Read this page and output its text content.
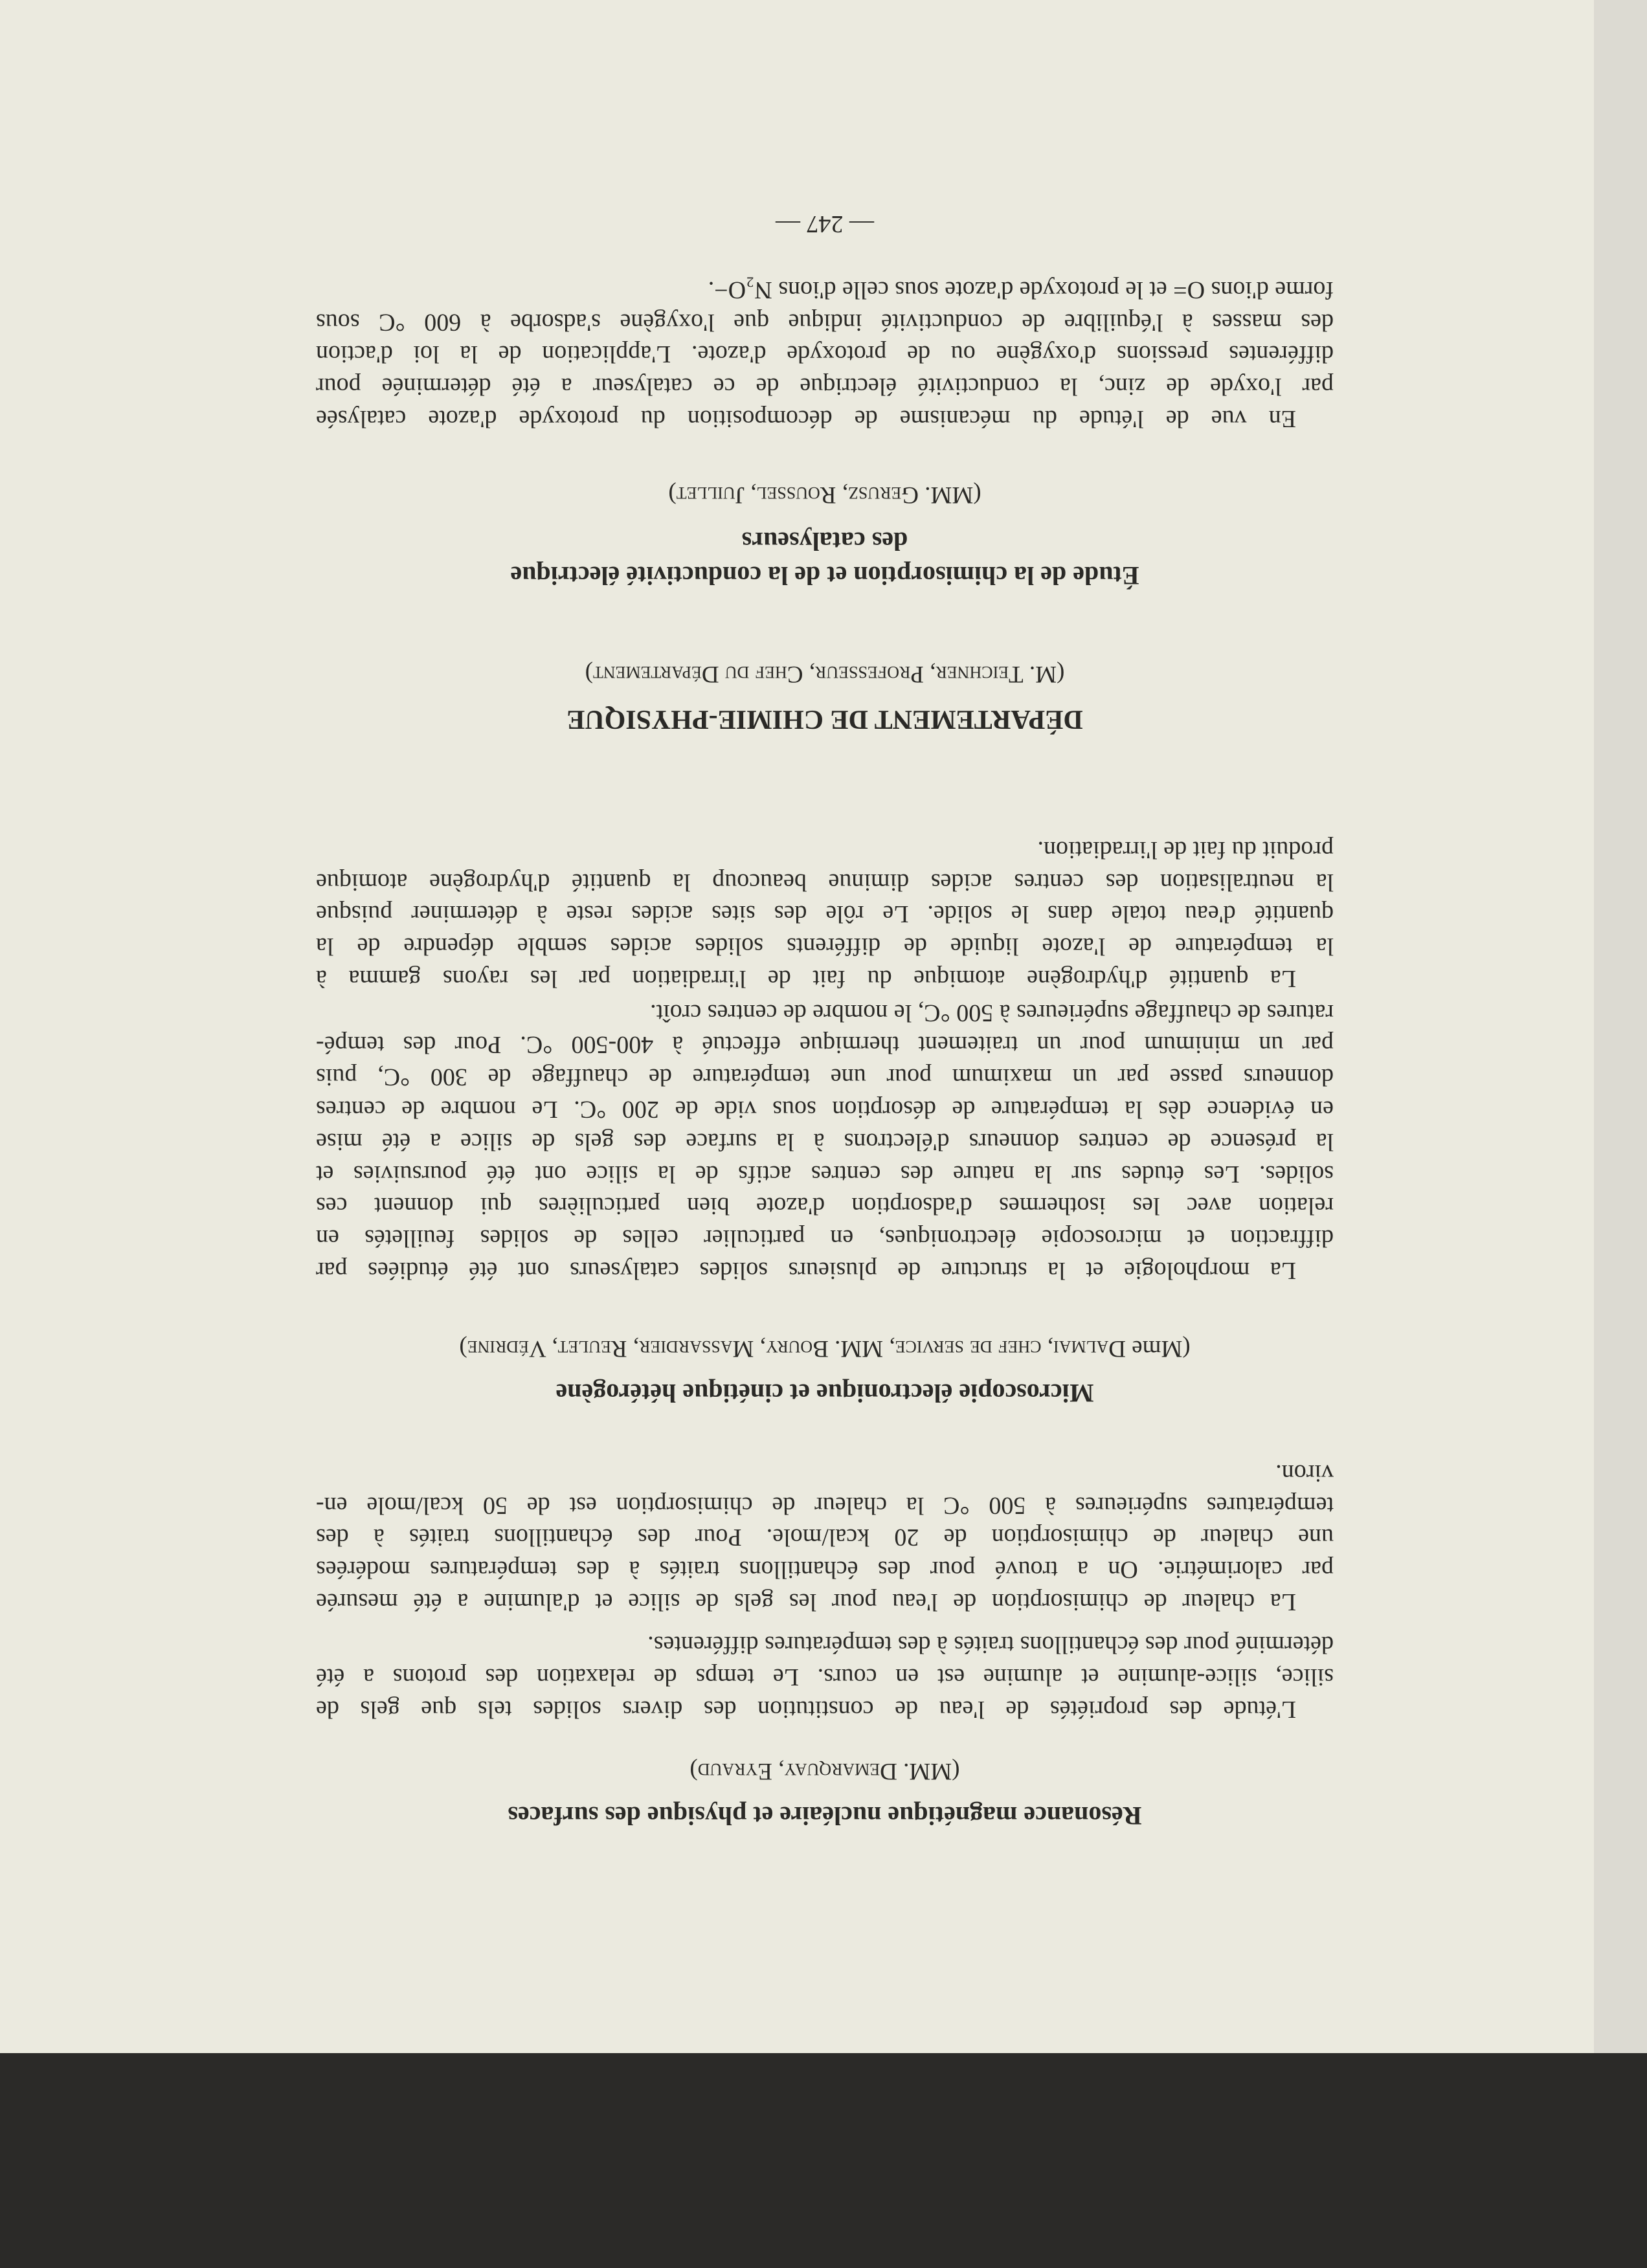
Résonance magnétique nucléaire et physique des surfaces
(MM. Demarquay, Eyraud)
L'étude des propriétés de l'eau de constitution des divers solides tels que gels de
silice, silice-alumine et alumine est en cours. Le temps de relaxation des protons a été
déterminé pour des échantillons traités à des températures différentes.
La chaleur de chimisorption de l'eau pour les gels de silice et d'alumine a été mesurée
par calorimétrie. On a trouvé pour des échantillons traités à des températures modérées
une chaleur de chimisorption de 20 kcal/mole. Pour des échantillons traités à des
températures supérieures à 500 °C la chaleur de chimisorption est de 50 kcal/mole en-
viron.
Microscopie électronique et cinétique hétérogène
(Mme Dalmai, chef de service, MM. Boury, Massardier, Reulet, Védrine)
La morphologie et la structure de plusieurs solides catalyseurs ont été étudiées par
diffraction et microscopie électroniques, en particulier celles de solides feuilletés en
relation avec les isothermes d'adsorption d'azote bien particulières qui donnent ces
solides. Les études sur la nature des centres actifs de la silice ont été poursuivies et
la présence de centres donneurs d'électrons à la surface des gels de silice a été mise
en évidence dès la température de désorption sous vide de 200 °C. Le nombre de centres
donneurs passe par un maximum pour une température de chauffage de 300 °C, puis
par un minimum pour un traitement thermique effectué à 400-500 °C. Pour des tempé-
ratures de chauffage supérieures à 500 °C, le nombre de centres croît.
La quantité d'hydrogène atomique du fait de l'irradiation par les rayons gamma à
la température de l'azote liquide de différents solides acides semble dépendre de la
quantité d'eau totale dans le solide. Le rôle des sites acides reste à déterminer puisque
la neutralisation des centres acides diminue beaucoup la quantité d'hydrogène atomique
produit du fait de l'irradiation.
DÉPARTEMENT DE CHIMIE-PHYSIQUE
(M. Teichner, Professeur, Chef du Département)
Étude de la chimisorption et de la conductivité électrique
des catalyseurs
(MM. Gerusz, Roussel, Juillet)
En vue de l'étude du mécanisme de décomposition du protoxyde d'azote catalysée
par l'oxyde de zinc, la conductivité électrique de ce catalyseur a été déterminée pour
différentes pressions d'oxygène ou de protoxyde d'azote. L'application de la loi d'action
des masses à l'équilibre de conductivité indique que l'oxygène s'adsorbe à 600 °C sous
forme d'ions O= et le protoxyde d'azote sous celle d'ions N₂O−.
— 247 —
